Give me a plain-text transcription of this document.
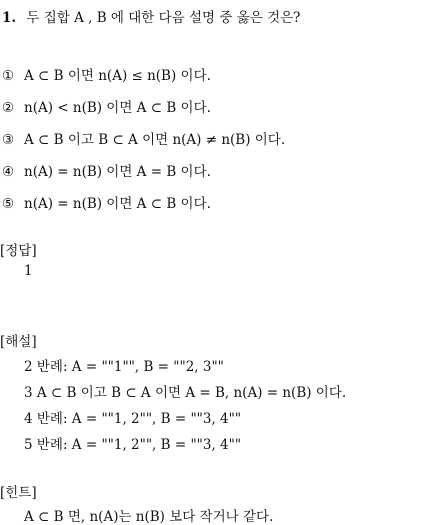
1. 두 집합 A , B 에 대한 다음 설명 중 옳은 것은?
① A ⊂ B 이면 n(A) ≤ n(B) 이다.
② n(A) < n(B) 이면 A ⊂ B 이다.
③ A ⊂ B 이고 B ⊂ A 이면 n(A) ≠ n(B) 이다.
④ n(A) = n(B) 이면 A = B 이다.
⑤ n(A) = n(B) 이면 A ⊂ B 이다.
[정답]
1
[해설]
2 반례: A = ""1"", B = ""2, 3""
3 A ⊂ B 이고 B ⊂ A 이면 A = B, n(A) = n(B) 이다.
4 반례: A = ""1, 2"", B = ""3, 4""
5 반례: A = ""1, 2"", B = ""3, 4""
[힌트]
A ⊂ B 면, n(A)는 n(B) 보다 작거나 같다.
